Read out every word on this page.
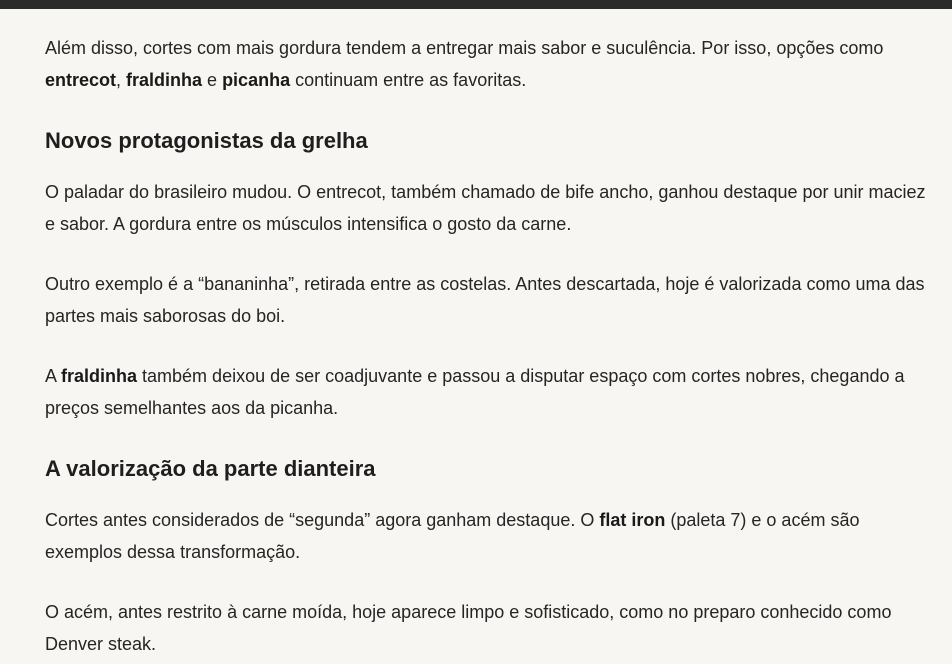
Além disso, cortes com mais gordura tendem a entregar mais sabor e suculência. Por isso, opções como entrecot, fraldinha e picanha continuam entre as favoritas.

Novos protagonistas da grelha

O paladar do brasileiro mudou. O entrecot, também chamado de bife ancho, ganhou destaque por unir maciez e sabor. A gordura entre os músculos intensifica o gosto da carne.

Outro exemplo é a “bananinha”, retirada entre as costelas. Antes descartada, hoje é valorizada como uma das partes mais saborosas do boi.

A fraldinha também deixou de ser coadjuvante e passou a disputar espaço com cortes nobres, chegando a preços semelhantes aos da picanha.

A valorização da parte dianteira

Cortes antes considerados de “segunda” agora ganham destaque. O flat iron (paleta 7) e o acém são exemplos dessa transformação.

O acém, antes restrito à carne moída, hoje aparece limpo e sofisticado, como no preparo conhecido como Denver steak.
